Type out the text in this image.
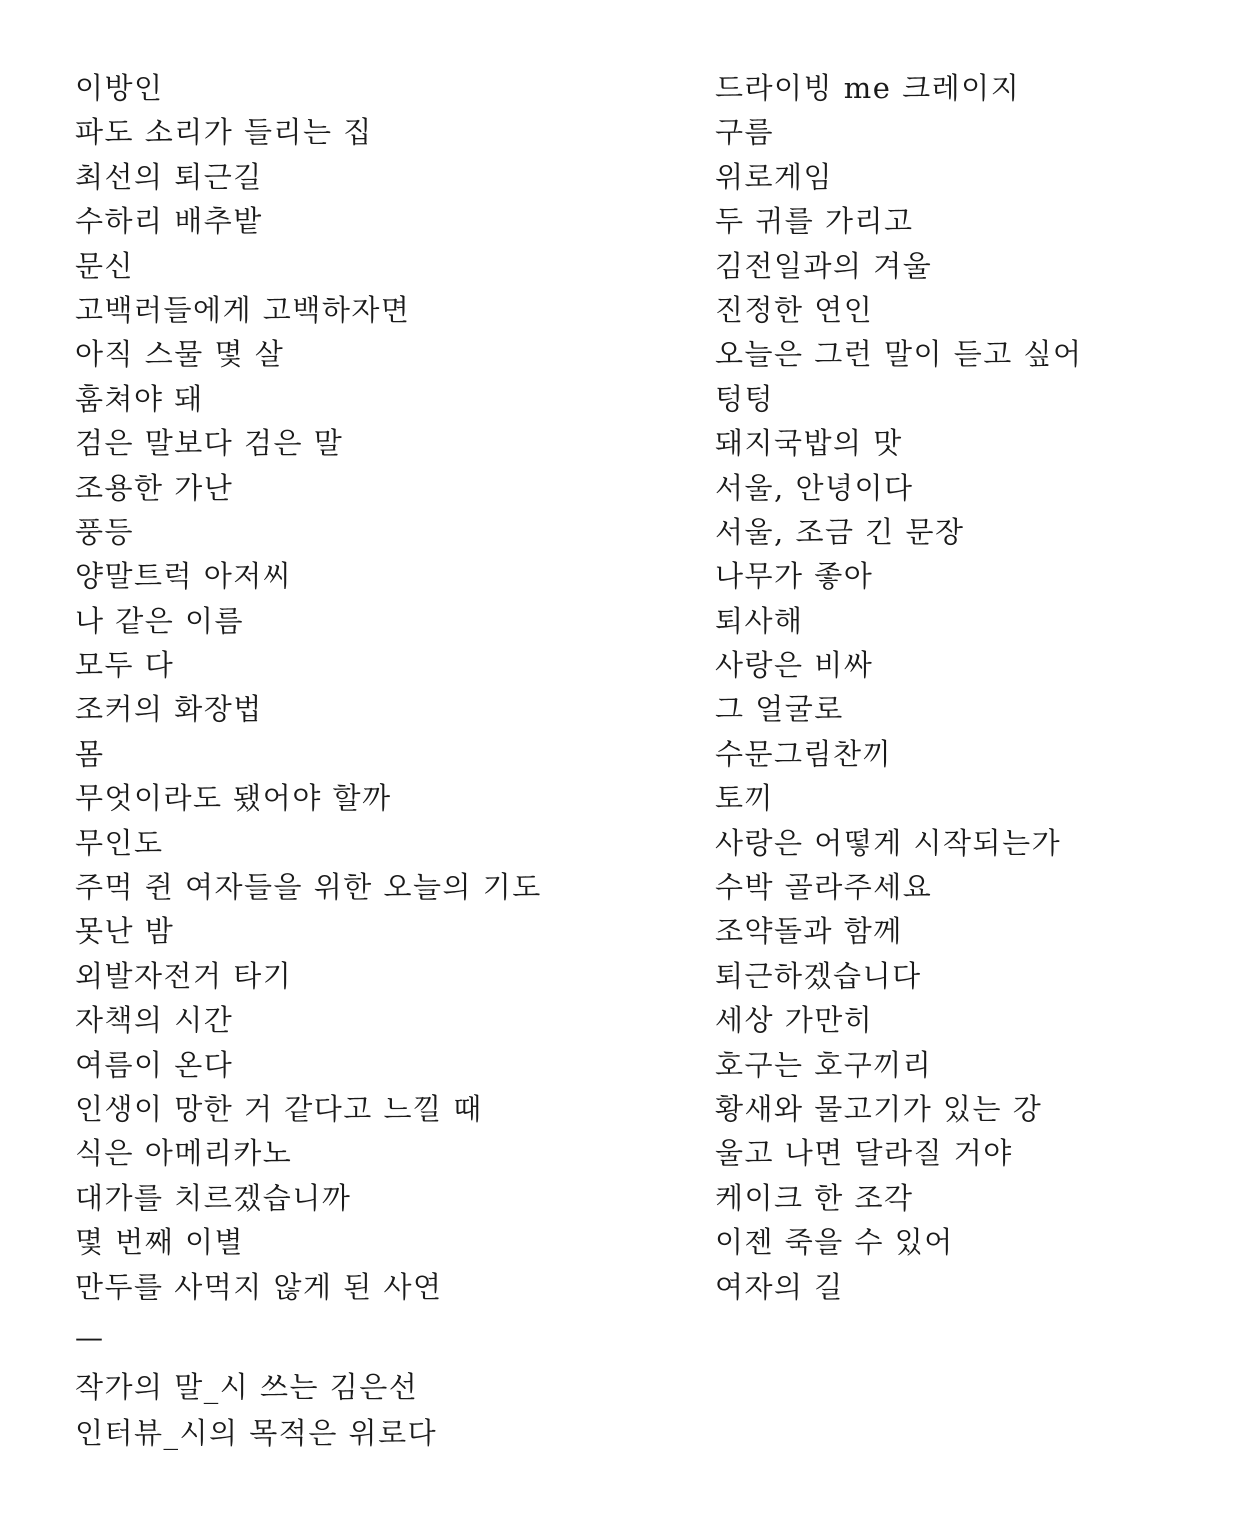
이방인
파도 소리가 들리는 집
최선의 퇴근길
수하리 배추밭
문신
고백러들에게 고백하자면
아직 스물 몇 살
훔쳐야 돼
검은 말보다 검은 말
조용한 가난
풍등
양말트럭 아저씨
나 같은 이름
모두 다
조커의 화장법
몸
무엇이라도 됐어야 할까
무인도
주먹 쥔 여자들을 위한 오늘의 기도
못난 밤
외발자전거 타기
자책의 시간
여름이 온다
인생이 망한 거 같다고 느낄 때
식은 아메리카노
대가를 치르겠습니까
몇 번째 이별
만두를 사먹지 않게 된 사연
드라이빙 me 크레이지
구름
위로게임
두 귀를 가리고
김전일과의 겨울
진정한 연인
오늘은 그런 말이 듣고 싶어
텅텅
돼지국밥의 맛
서울, 안녕이다
서울, 조금 긴 문장
나무가 좋아
퇴사해
사랑은 비싸
그 얼굴로
수문그림찬끼
토끼
사랑은 어떻게 시작되는가
수박 골라주세요
조약돌과 함께
퇴근하겠습니다
세상 가만히
호구는 호구끼리
황새와 물고기가 있는 강
울고 나면 달라질 거야
케이크 한 조각
이젠 죽을 수 있어
여자의 길
—
작가의 말_시 쓰는 김은선
인터뷰_시의 목적은 위로다
